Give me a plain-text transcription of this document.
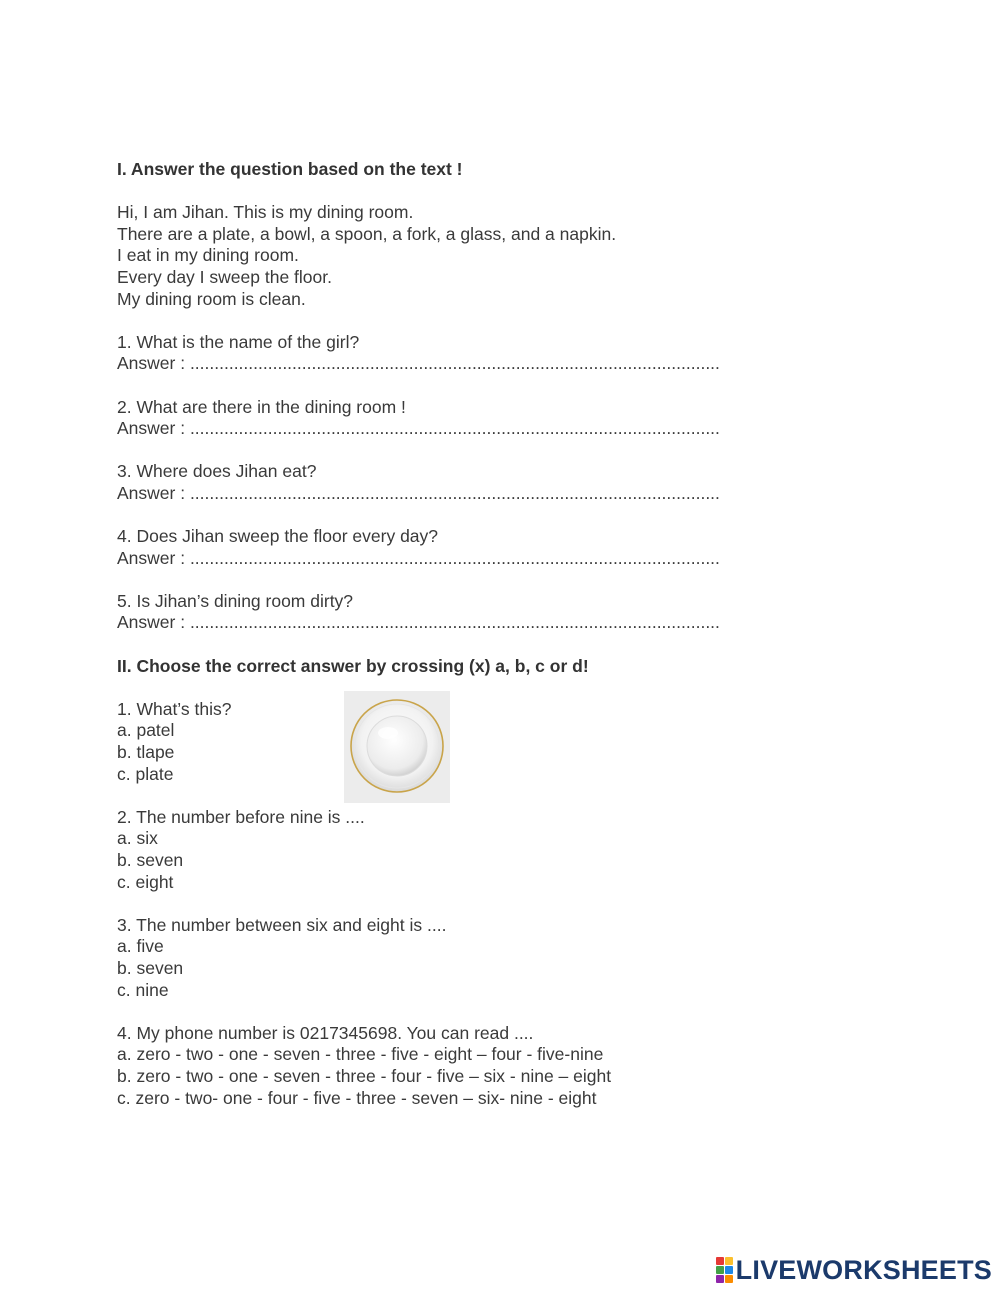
I. Answer the question based on the text !
Hi, I am Jihan. This is my dining room.
There are a plate, a bowl, a spoon, a fork, a glass, and a napkin.
I eat in my dining room.
Every day I sweep the floor.
My dining room is clean.
1. What is the name of the girl?
Answer : .............................................................................................................
2. What are there in the dining room !
Answer : .............................................................................................................
3. Where does Jihan eat?
Answer : .............................................................................................................
4. Does Jihan sweep the floor every day?
Answer : .............................................................................................................
5. Is Jihan’s dining room dirty?
Answer : .............................................................................................................
II. Choose the correct answer by crossing (x) a, b, c or d!
1. What’s this?
a. patel
b. tlape
c. plate
2. The number before nine is ....
a. six
b. seven
c. eight
3. The number between six and eight is ....
a. five
b. seven
c. nine
4. My phone number is 0217345698. You can read ....
a. zero - two - one - seven - three - five - eight – four - five-nine
b. zero - two - one - seven - three - four - five – six - nine – eight
c. zero - two- one - four - five - three - seven – six- nine - eight
LIVEWORKSHEETS
